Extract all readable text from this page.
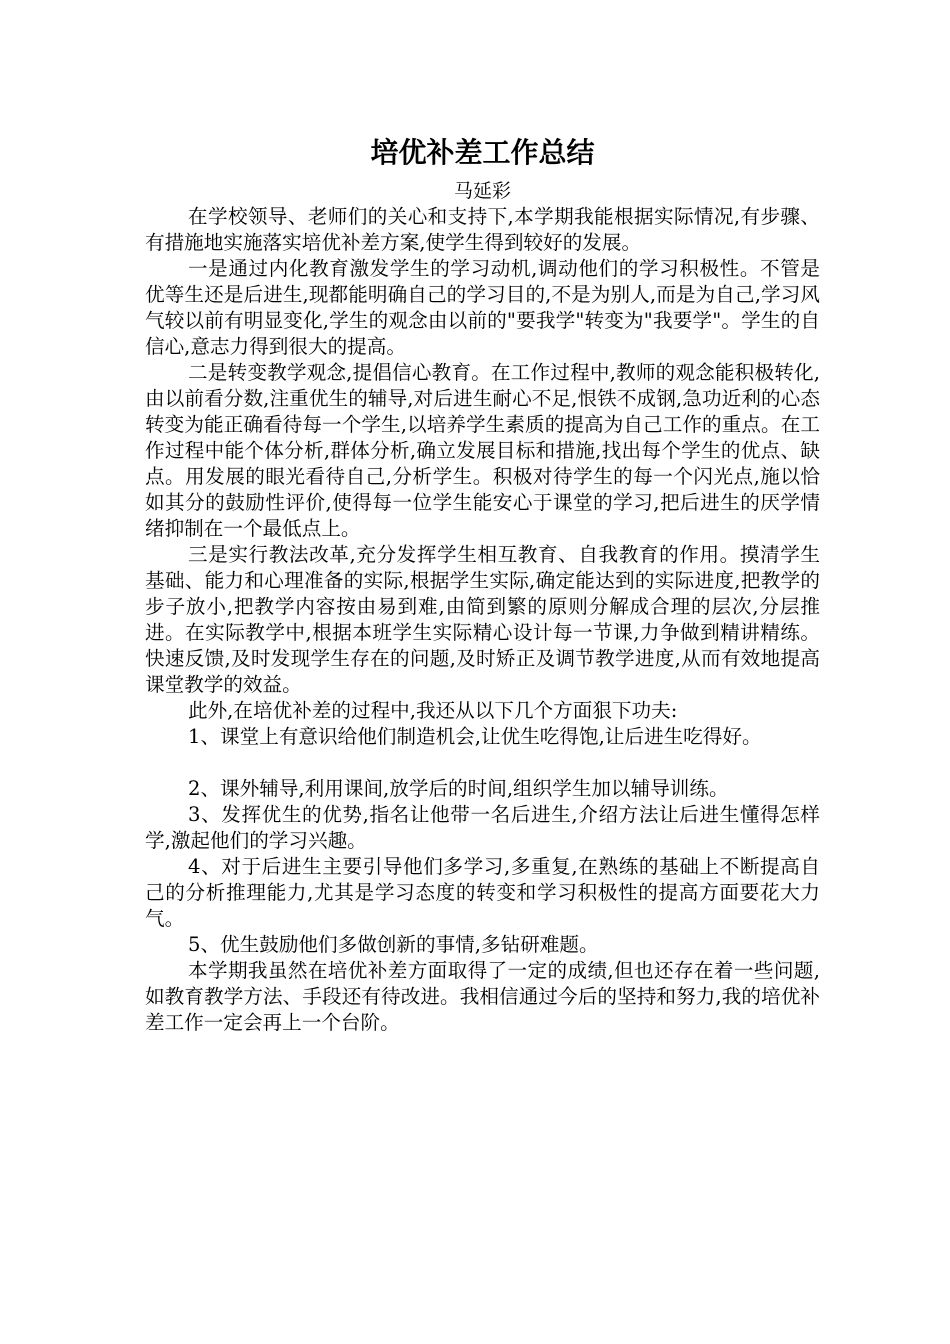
培优补差工作总结
马延彩

在学校领导、老师们的关心和支持下,本学期我能根据实际情况,有步骤、有措施地实施落实培优补差方案,使学生得到较好的发展。

一是通过内化教育激发学生的学习动机,调动他们的学习积极性。不管是优等生还是后进生,现都能明确自己的学习目的,不是为别人,而是为自己,学习风气较以前有明显变化,学生的观念由以前的"要我学"转变为"我要学"。学生的自信心,意志力得到很大的提高。

二是转变教学观念,提倡信心教育。在工作过程中,教师的观念能积极转化,由以前看分数,注重优生的辅导,对后进生耐心不足,恨铁不成钢,急功近利的心态转变为能正确看待每一个学生,以培养学生素质的提高为自己工作的重点。在工作过程中能个体分析,群体分析,确立发展目标和措施,找出每个学生的优点、缺点。用发展的眼光看待自己,分析学生。积极对待学生的每一个闪光点,施以恰如其分的鼓励性评价,使得每一位学生能安心于课堂的学习,把后进生的厌学情绪抑制在一个最低点上。

三是实行教法改革,充分发挥学生相互教育、自我教育的作用。摸清学生基础、能力和心理准备的实际,根据学生实际,确定能达到的实际进度,把教学的步子放小,把教学内容按由易到难,由简到繁的原则分解成合理的层次,分层推进。在实际教学中,根据本班学生实际精心设计每一节课,力争做到精讲精练。快速反馈,及时发现学生存在的问题,及时矫正及调节教学进度,从而有效地提高课堂教学的效益。

此外,在培优补差的过程中,我还从以下几个方面狠下功夫:

1、课堂上有意识给他们制造机会,让优生吃得饱,让后进生吃得好。

2、课外辅导,利用课间,放学后的时间,组织学生加以辅导训练。

3、发挥优生的优势,指名让他带一名后进生,介绍方法让后进生懂得怎样学,激起他们的学习兴趣。

4、对于后进生主要引导他们多学习,多重复,在熟练的基础上不断提高自己的分析推理能力,尤其是学习态度的转变和学习积极性的提高方面要花大力气。

5、优生鼓励他们多做创新的事情,多钻研难题。

本学期我虽然在培优补差方面取得了一定的成绩,但也还存在着一些问题,如教育教学方法、手段还有待改进。我相信通过今后的坚持和努力,我的培优补差工作一定会再上一个台阶。
